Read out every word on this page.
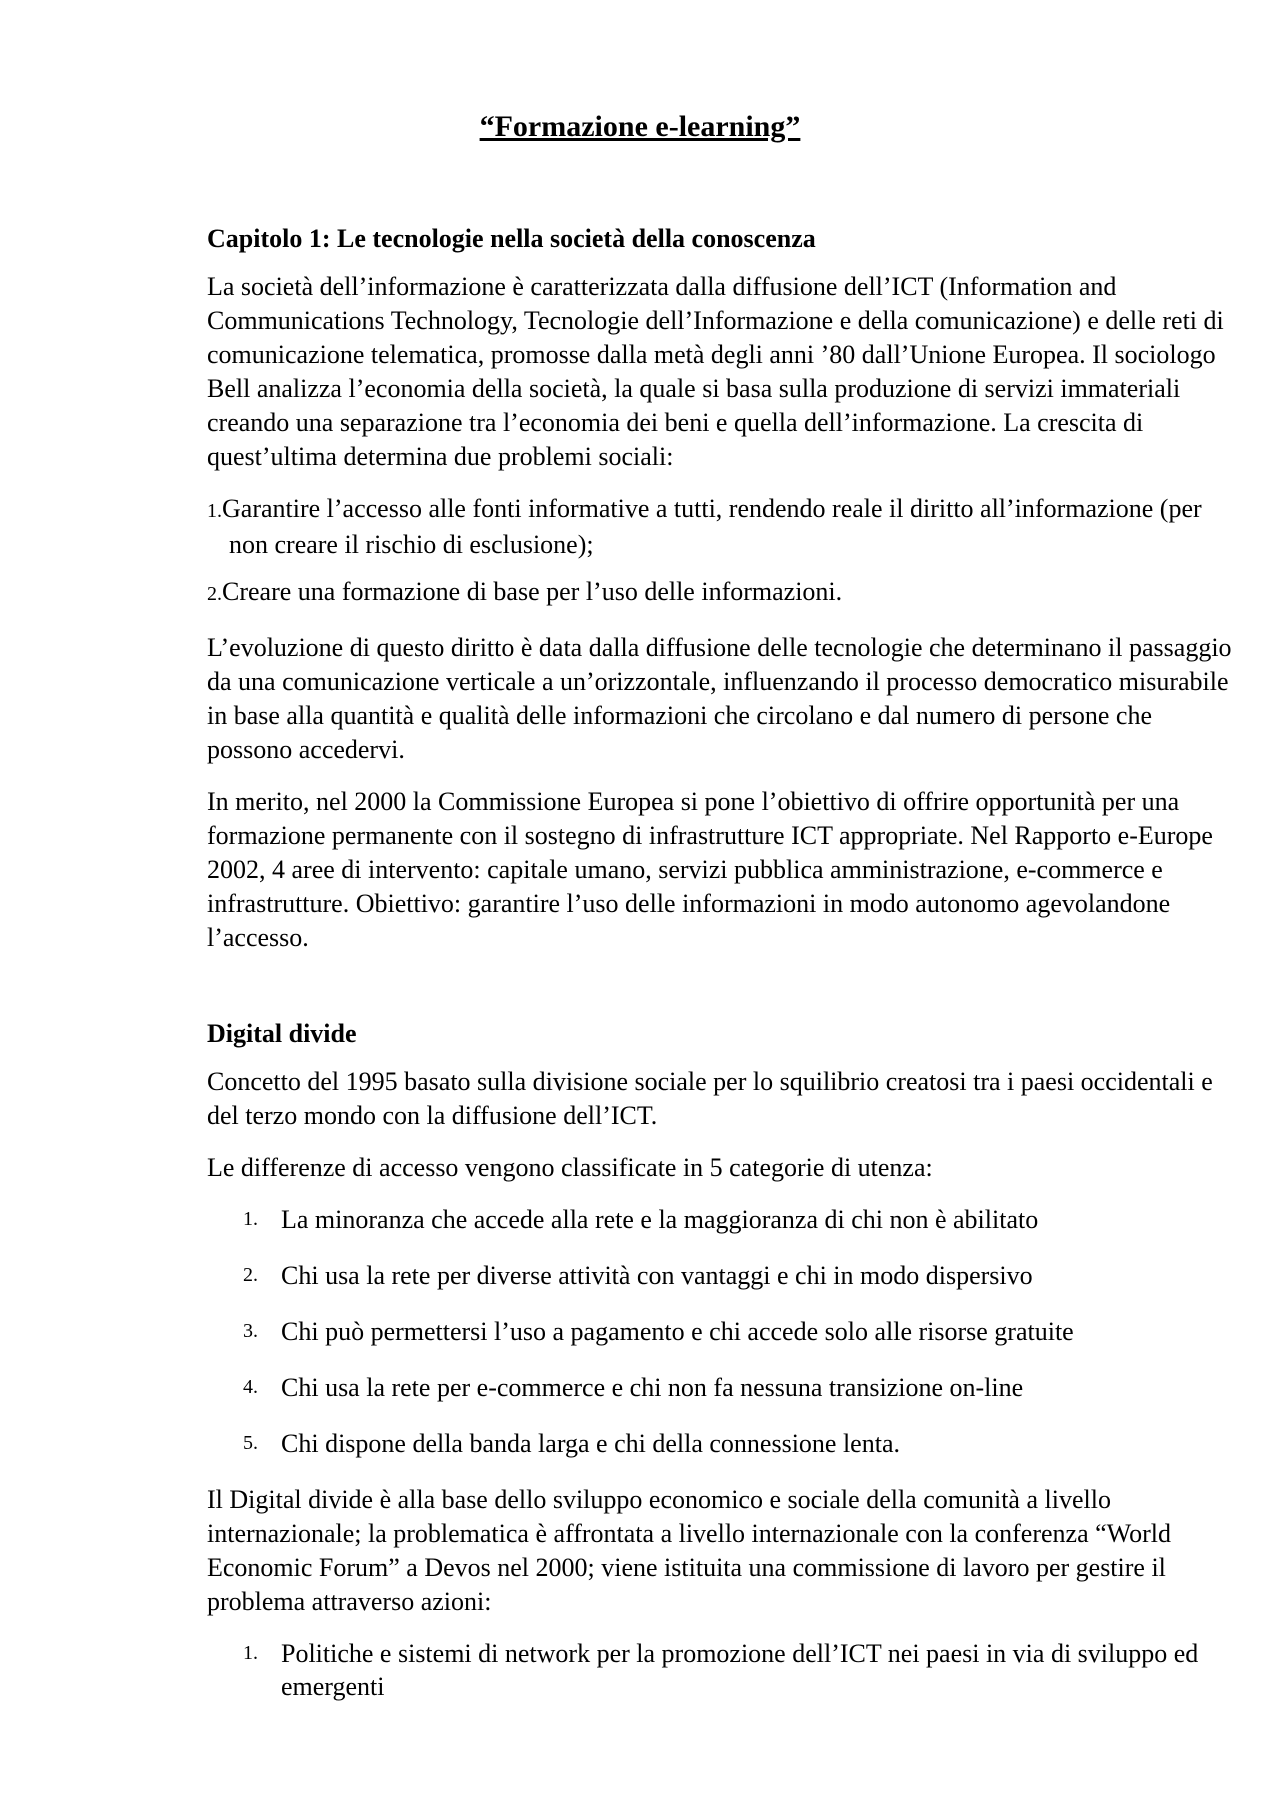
“Formazione e-learning”
Capitolo 1: Le tecnologie nella società della conoscenza

La società dell’informazione è caratterizzata dalla diffusione dell’ICT (Information and Communications Technology, Tecnologie dell’Informazione e della comunicazione) e delle reti di comunicazione telematica, promosse dalla metà degli anni ’80 dall’Unione Europea. Il sociologo Bell analizza l’economia della società, la quale si basa sulla produzione di servizi immateriali creando una separazione tra l’economia dei beni e quella dell’informazione. La crescita di quest’ultima determina due problemi sociali:

1.Garantire l’accesso alle fonti informative a tutti, rendendo reale il diritto all’informazione (per non creare il rischio di esclusione);
2.Creare una formazione di base per l’uso delle informazioni.

L’evoluzione di questo diritto è data dalla diffusione delle tecnologie che determinano il passaggio da una comunicazione verticale a un’orizzontale, influenzando il processo democratico misurabile in base alla quantità e qualità delle informazioni che circolano e dal numero di persone che possono accedervi.

In merito, nel 2000 la Commissione Europea si pone l’obiettivo di offrire opportunità per una formazione permanente con il sostegno di infrastrutture ICT appropriate. Nel Rapporto e-Europe 2002, 4 aree di intervento: capitale umano, servizi pubblica amministrazione, e-commerce e infrastrutture. Obiettivo: garantire l’uso delle informazioni in modo autonomo agevolandone l’accesso.

Digital divide

Concetto del 1995 basato sulla divisione sociale per lo squilibrio creatosi tra i paesi occidentali e del terzo mondo con la diffusione dell’ICT.

Le differenze di accesso vengono classificate in 5 categorie di utenza:

1. La minoranza che accede alla rete e la maggioranza di chi non è abilitato
2. Chi usa la rete per diverse attività con vantaggi e chi in modo dispersivo
3. Chi può permettersi l’uso a pagamento e chi accede solo alle risorse gratuite
4. Chi usa la rete per e-commerce e chi non fa nessuna transizione on-line
5. Chi dispone della banda larga e chi della connessione lenta.

Il Digital divide è alla base dello sviluppo economico e sociale della comunità a livello internazionale; la problematica è affrontata a livello internazionale con la conferenza “World Economic Forum” a Devos nel 2000; viene istituita una commissione di lavoro per gestire il problema attraverso azioni:

1. Politiche e sistemi di network per la promozione dell’ICT nei paesi in via di sviluppo ed emergenti
